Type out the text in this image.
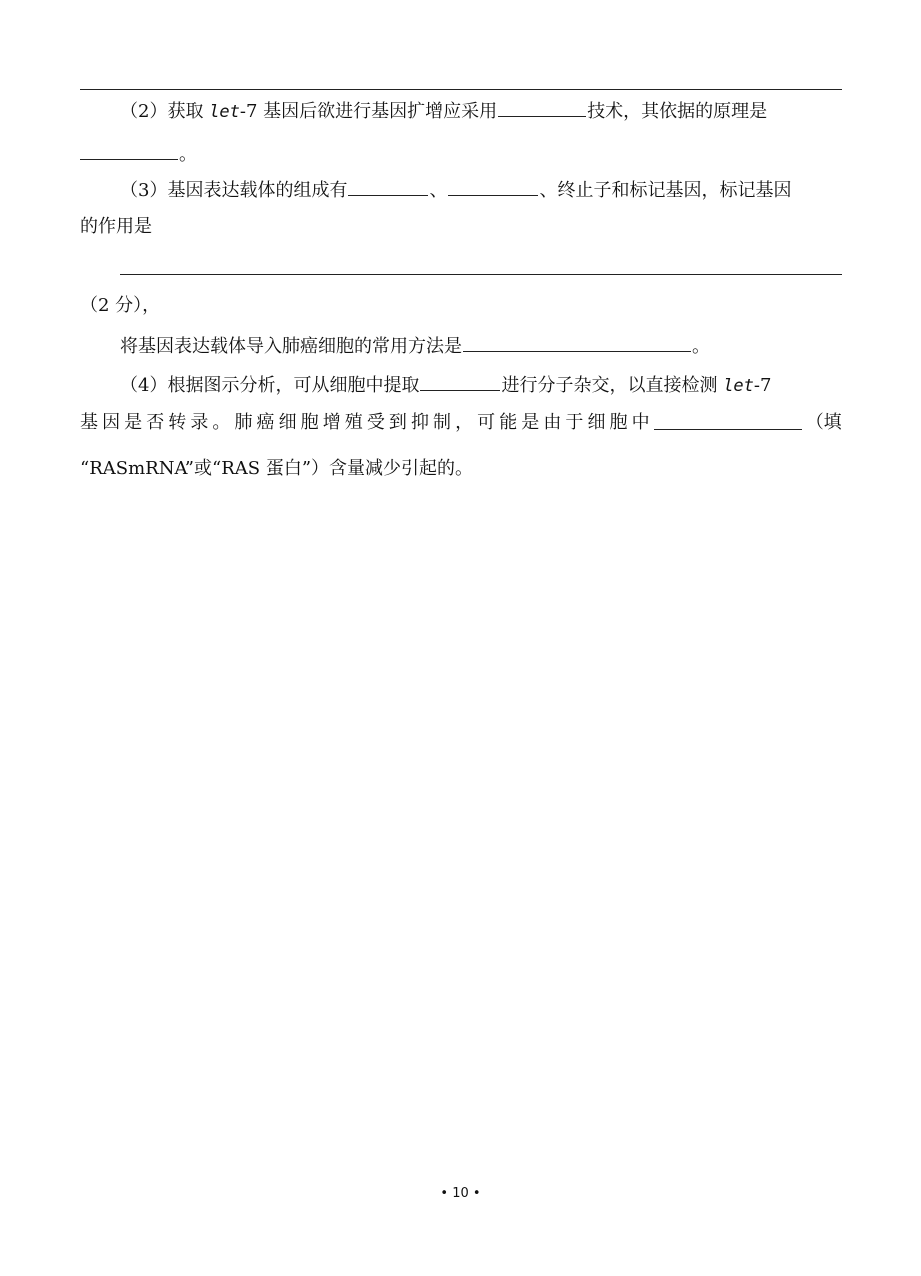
（2）获取 let-7 基因后欲进行基因扩增应采用	技术，其依据的原理是
。
（3）基因表达载体的组成有	、	、终止子和标记基因，标记基因
的作用是
（2 分），
将基因表达载体导入肺癌细胞的常用方法是	。
（4）根据图示分析，可从细胞中提取	进行分子杂交，以直接检测 let-7
基 因 是 否 转 录 。 肺 癌 细 胞 增 殖 受 到 抑 制 ， 可 能 是 由 于 细 胞 中	（填
“RASmRNA”或“RAS 蛋白”）含量减少引起的。
• 10 •
